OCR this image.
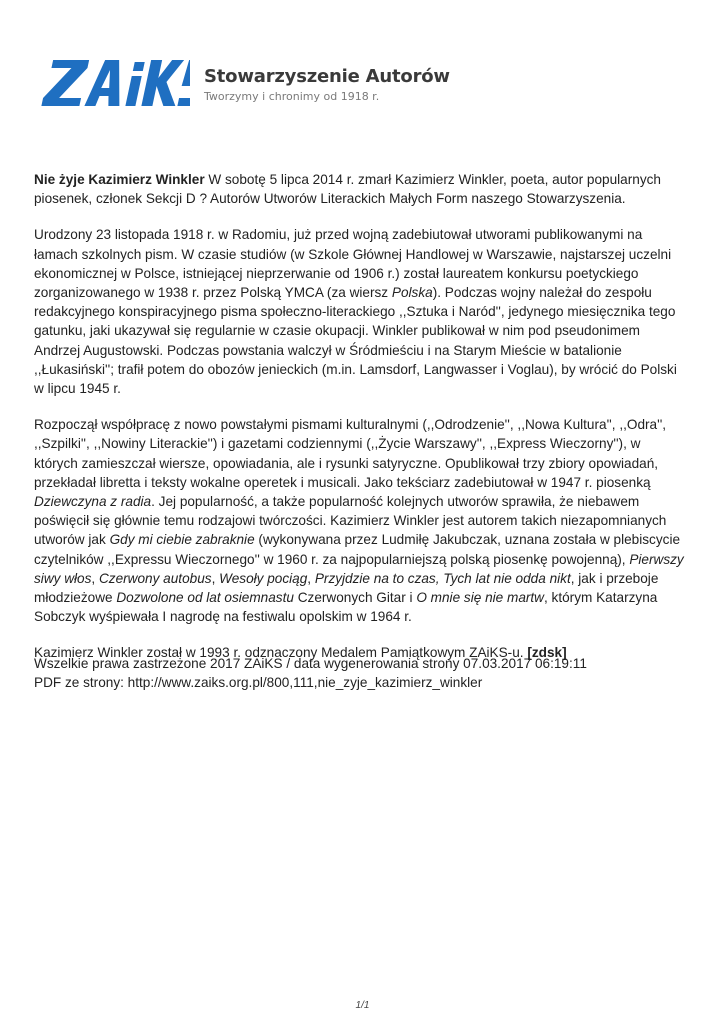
Stowarzyszenie Autorów
Tworzymy i chronimy od 1918 r.

Nie żyje Kazimierz Winkler W sobotę 5 lipca 2014 r. zmarł Kazimierz Winkler, poeta, autor popularnych piosenek, członek Sekcji D ? Autorów Utworów Literackich Małych Form naszego Stowarzyszenia.

Urodzony 23 listopada 1918 r. w Radomiu, już przed wojną zadebiutował utworami publikowanymi na łamach szkolnych pism. W czasie studiów (w Szkole Głównej Handlowej w Warszawie, najstarszej uczelni ekonomicznej w Polsce, istniejącej nieprzerwanie od 1906 r.) został laureatem konkursu poetyckiego zorganizowanego w 1938 r. przez Polską YMCA (za wiersz Polska). Podczas wojny należał do zespołu redakcyjnego konspiracyjnego pisma społeczno-literackiego ,,Sztuka i Naród'', jedynego miesięcznika tego gatunku, jaki ukazywał się regularnie w czasie okupacji. Winkler publikował w nim pod pseudonimem Andrzej Augustowski. Podczas powstania walczył w Śródmieściu i na Starym Mieście w batalionie ,,Łukasiński''; trafił potem do obozów jenieckich (m.in. Lamsdorf, Langwasser i Voglau), by wrócić do Polski w lipcu 1945 r.

Rozpoczął współpracę z nowo powstałymi pismami kulturalnymi (,,Odrodzenie'', ,,Nowa Kultura'', ,,Odra'', ,,Szpilki'', ,,Nowiny Literackie'') i gazetami codziennymi (,,Życie Warszawy'', ,,Express Wieczorny''), w których zamieszczał wiersze, opowiadania, ale i rysunki satyryczne. Opublikował trzy zbiory opowiadań, przekładał libretta i teksty wokalne operetek i musicali. Jako tekściarz zadebiutował w 1947 r. piosenką Dziewczyna z radia. Jej popularność, a także popularność kolejnych utworów sprawiła, że niebawem poświęcił się głównie temu rodzajowi twórczości. Kazimierz Winkler jest autorem takich niezapomnianych utworów jak Gdy mi ciebie zabraknie (wykonywana przez Ludmiłę Jakubczak, uznana została w plebiscycie czytelników ,,Expressu Wieczornego'' w 1960 r. za najpopularniejszą polską piosenkę powojenną), Pierwszy siwy włos, Czerwony autobus, Wesoły pociąg, Przyjdzie na to czas, Tych lat nie odda nikt, jak i przeboje młodzieżowe Dozwolone od lat osiemnastu Czerwonych Gitar i O mnie się nie martw, którym Katarzyna Sobczyk wyśpiewała I nagrodę na festiwalu opolskim w 1964 r.

Kazimierz Winkler został w 1993 r. odznaczony Medalem Pamiątkowym ZAiKS-u. [zdsk]

Wszelkie prawa zastrzeżone 2017 ZAiKS / data wygenerowania strony 07.03.2017 06:19:11
PDF ze strony: http://www.zaiks.org.pl/800,111,nie_zyje_kazimierz_winkler
1/1
